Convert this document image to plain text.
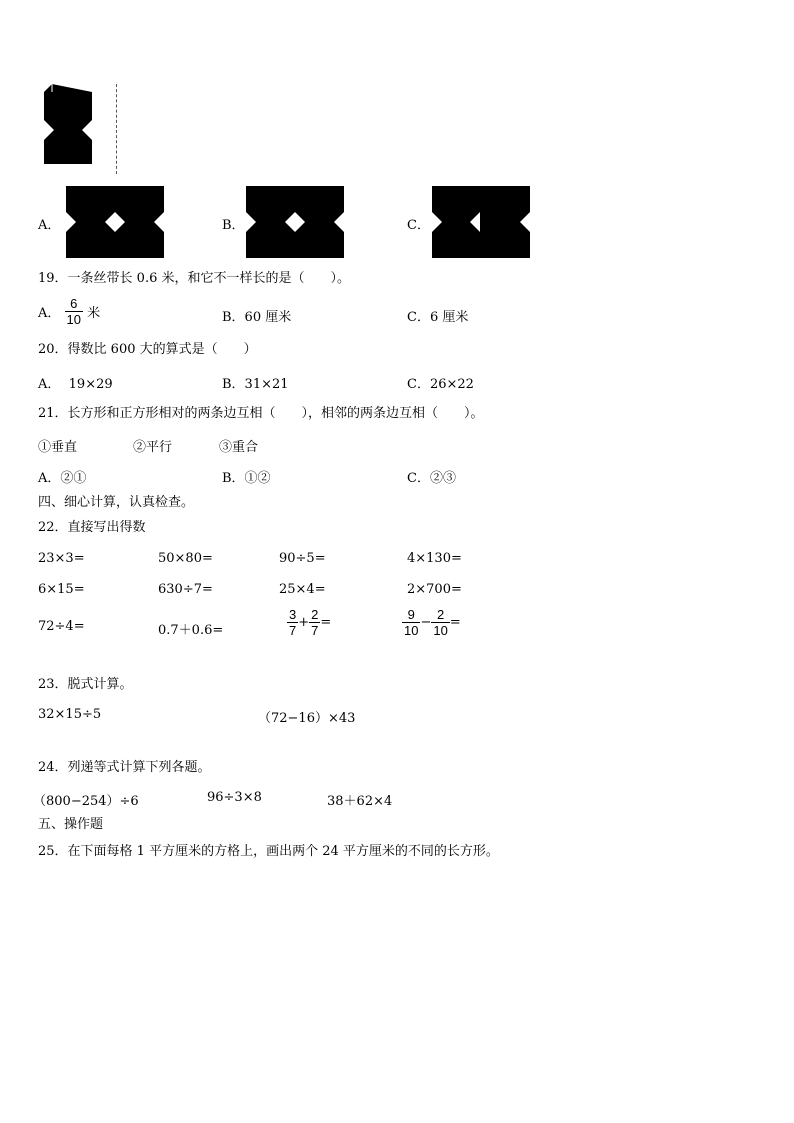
A．	B．	C．
19．一条丝带长 0.6 米，和它不一样长的是（　　）。
A． $\frac{6}{10}$ 米	B．60 厘米	C．6 厘米
20．得数比 600 大的算式是（　　）
A．  19×29	B．31×21	C．26×22
21．长方形和正方形相对的两条边互相（　　），相邻的两条边互相（　　）。
①垂直	②平行	③重合
A．②①	B．①②	C．②③
四、细心计算，认真检查。
22．直接写出得数
23×3=	50×80=	90÷5=	4×130=
6×15=	630÷7=	25×4=	2×700=
72÷4=	0.7＋0.6=	$\frac{3}{7} + \frac{2}{7}$ =	$\frac{9}{10} - \frac{2}{10}$ =
23．脱式计算。
32×15÷5	（72−16）×43
24．列递等式计算下列各题。
（800−254）÷6	96÷3×8	38＋62×4
五、操作题
25．在下面每格 1 平方厘米的方格上，画出两个 24 平方厘米的不同的长方形。
